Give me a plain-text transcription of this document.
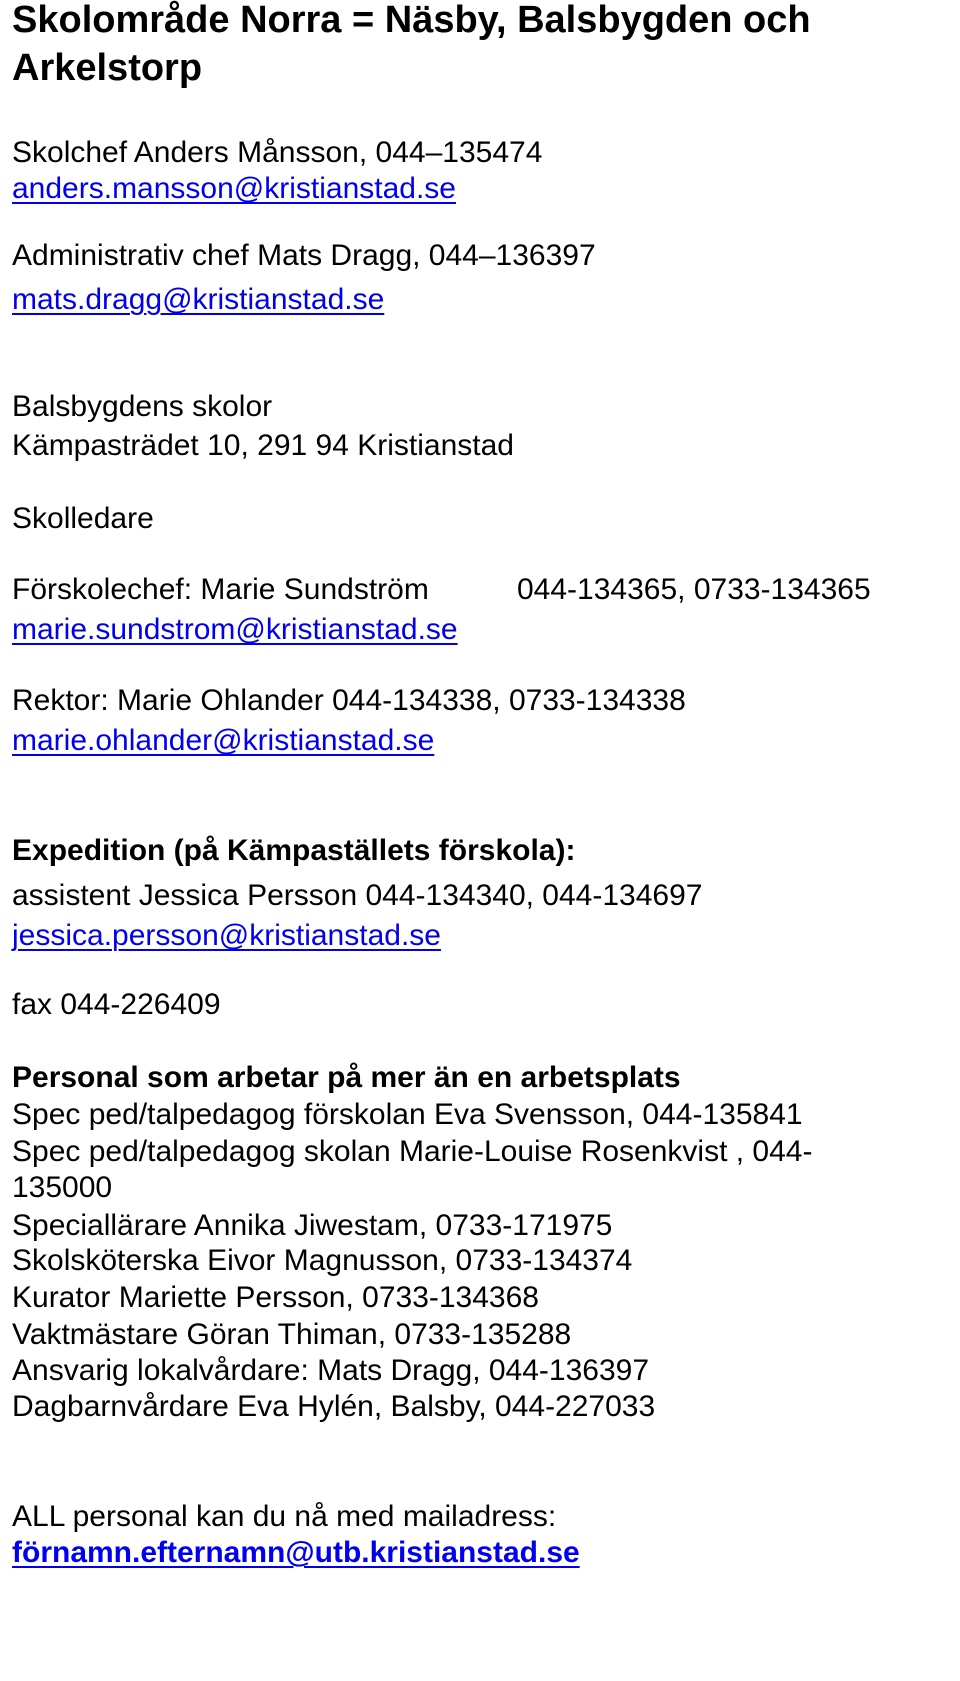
Skolområde Norra = Näsby, Balsbygden och
Arkelstorp
Skolchef Anders Månsson, 044–135474
anders.mansson@kristianstad.se
Administrativ chef Mats Dragg, 044–136397
mats.dragg@kristianstad.se
Balsbygdens skolor
Kämpasträdet 10, 291 94 Kristianstad
Skolledare
Förskolechef: Marie Sundström	044-134365, 0733-134365
marie.sundstrom@kristianstad.se
Rektor: Marie Ohlander 044-134338, 0733-134338
marie.ohlander@kristianstad.se
Expedition (på Kämpaställets förskola):
assistent Jessica Persson 044-134340, 044-134697
jessica.persson@kristianstad.se
fax 044-226409
Personal som arbetar på mer än en arbetsplats
Spec ped/talpedagog förskolan Eva Svensson, 044-135841
Spec ped/talpedagog skolan Marie-Louise Rosenkvist , 044-
135000
Speciallärare Annika Jiwestam, 0733-171975
Skolsköterska Eivor Magnusson, 0733-134374
Kurator Mariette Persson, 0733-134368
Vaktmästare Göran Thiman, 0733-135288
Ansvarig lokalvårdare: Mats Dragg, 044-136397
Dagbarnvårdare Eva Hylén, Balsby, 044-227033
ALL personal kan du nå med mailadress:
förnamn.efternamn@utb.kristianstad.se
